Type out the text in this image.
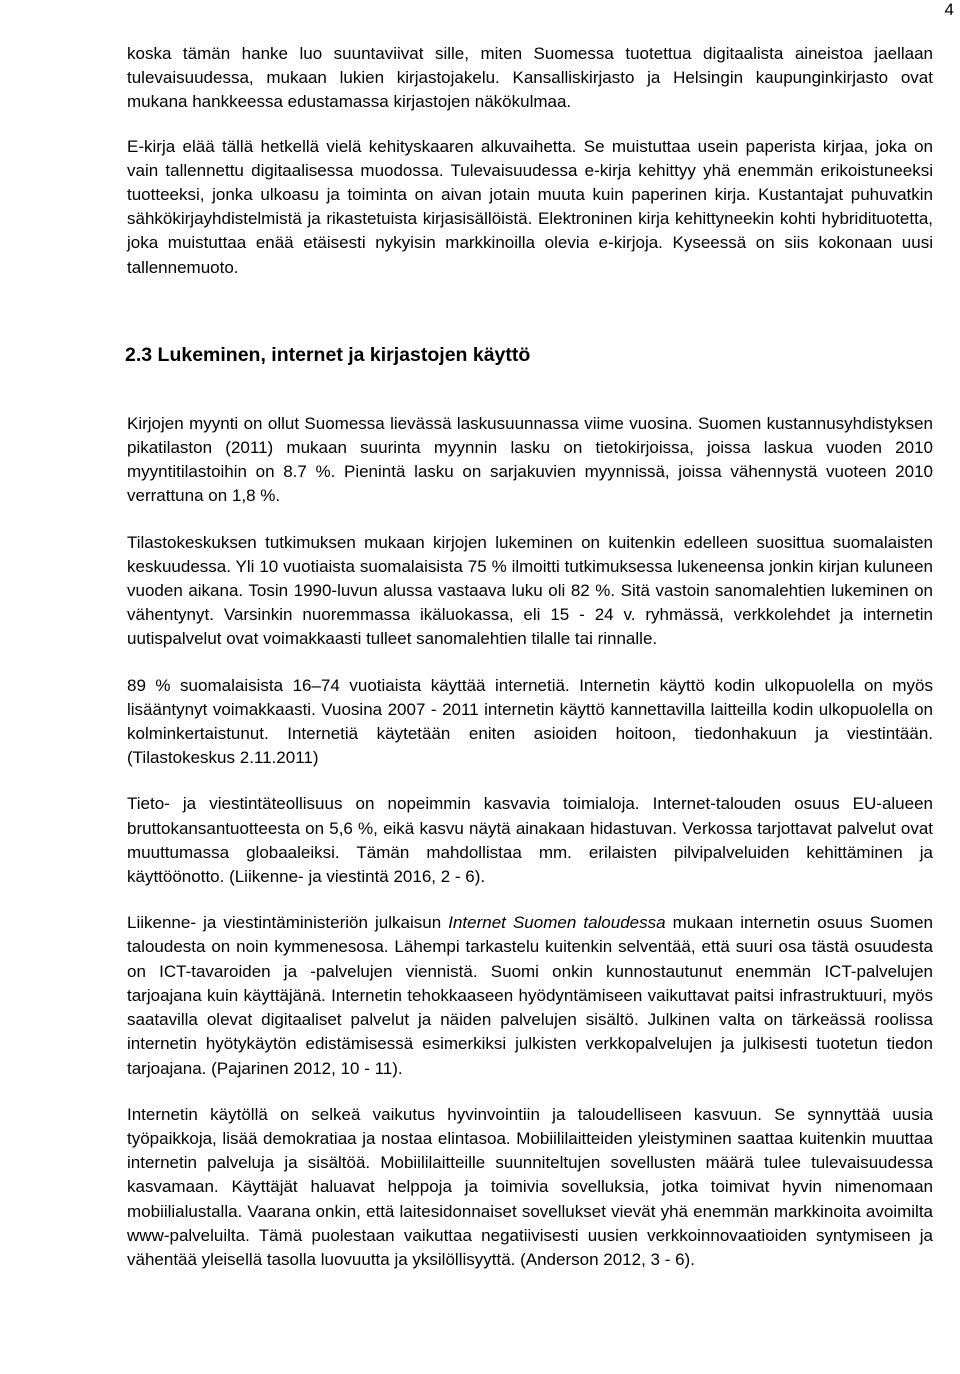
4

koska tämän hanke luo suuntaviivat sille, miten Suomessa tuotettua digitaalista aineistoa jaellaan tulevaisuudessa, mukaan lukien kirjastojakelu. Kansalliskirjasto ja Helsingin kaupunginkirjasto ovat mukana hankkeessa edustamassa kirjastojen näkökulmaa.

E-kirja elää tällä hetkellä vielä kehityskaaren alkuvaihetta. Se muistuttaa usein paperista kirjaa, joka on vain tallennettu digitaalisessa muodossa. Tulevaisuudessa e-kirja kehittyy yhä enemmän erikoistuneeksi tuotteeksi, jonka ulkoasu ja toiminta on aivan jotain muuta kuin paperinen kirja. Kustantajat puhuvatkin sähkökirjayhdistelmistä ja rikastetuista kirjasisällöistä. Elektroninen kirja kehittyneekin kohti hybridituotetta, joka muistuttaa enää etäisesti nykyisin markkinoilla olevia e-kirjoja. Kyseessä on siis kokonaan uusi tallennemuoto.

2.3 Lukeminen, internet ja kirjastojen käyttö

Kirjojen myynti on ollut Suomessa lievässä laskusuunnassa viime vuosina. Suomen kustannusyhdistyksen pikatilaston (2011) mukaan suurinta myynnin lasku on tietokirjoissa, joissa laskua vuoden 2010 myyntitilastoihin on 8.7 %. Pienintä lasku on sarjakuvien myynnissä, joissa vähennystä vuoteen 2010 verrattuna on 1,8 %.

Tilastokeskuksen tutkimuksen mukaan kirjojen lukeminen on kuitenkin edelleen suosittua suomalaisten keskuudessa. Yli 10 vuotiaista suomalaisista 75 % ilmoitti tutkimuksessa lukeneensa jonkin kirjan kuluneen vuoden aikana. Tosin 1990-luvun alussa vastaava luku oli 82 %. Sitä vastoin sanomalehtien lukeminen on vähentynyt. Varsinkin nuoremmassa ikäluokassa, eli 15 - 24 v. ryhmässä, verkkolehdet ja internetin uutispalvelut ovat voimakkaasti tulleet sanomalehtien tilalle tai rinnalle.

89 % suomalaisista 16–74 vuotiaista käyttää internetiä. Internetin käyttö kodin ulkopuolella on myös lisääntynyt voimakkaasti. Vuosina 2007 - 2011 internetin käyttö kannettavilla laitteilla kodin ulkopuolella on kolminkertaistunut. Internetiä käytetään eniten asioiden hoitoon, tiedonhakuun ja viestintään. (Tilastokeskus 2.11.2011)

Tieto- ja viestintäteollisuus on nopeimmin kasvavia toimialoja. Internet-talouden osuus EU-alueen bruttokansantuotteesta on 5,6 %, eikä kasvu näytä ainakaan hidastuvan. Verkossa tarjottavat palvelut ovat muuttumassa globaaleiksi. Tämän mahdollistaa mm. erilaisten pilvipalveluiden kehittäminen ja käyttöönotto. (Liikenne- ja viestintä 2016, 2 - 6).

Liikenne- ja viestintäministeriön julkaisun Internet Suomen taloudessa mukaan internetin osuus Suomen taloudesta on noin kymmenesosa. Lähempi tarkastelu kuitenkin selventää, että suuri osa tästä osuudesta on ICT-tavaroiden ja -palvelujen viennistä. Suomi onkin kunnostautunut enemmän ICT-palvelujen tarjoajana kuin käyttäjänä. Internetin tehokkaaseen hyödyntämiseen vaikuttavat paitsi infrastruktuuri, myös saatavilla olevat digitaaliset palvelut ja näiden palvelujen sisältö. Julkinen valta on tärkeässä roolissa internetin hyötykäytön edistämisessä esimerkiksi julkisten verkkopalvelujen ja julkisesti tuotetun tiedon tarjoajana. (Pajarinen 2012, 10 - 11).

Internetin käytöllä on selkeä vaikutus hyvinvointiin ja taloudelliseen kasvuun. Se synnyttää uusia työpaikkoja, lisää demokratiaa ja nostaa elintasoa. Mobiililaitteiden yleistyminen saattaa kuitenkin muuttaa internetin palveluja ja sisältöä. Mobiililaitteille suunniteltujen sovellusten määrä tulee tulevaisuudessa kasvamaan. Käyttäjät haluavat helppoja ja toimivia sovelluksia, jotka toimivat hyvin nimenomaan mobiilialustalla. Vaarana onkin, että laitesidonnaiset sovellukset vievät yhä enemmän markkinoita avoimilta www-palveluilta. Tämä puolestaan vaikuttaa negatiivisesti uusien verkkoinnovaatioiden syntymiseen ja vähentää yleisellä tasolla luovuutta ja yksilöllisyyttä. (Anderson 2012, 3 - 6).
